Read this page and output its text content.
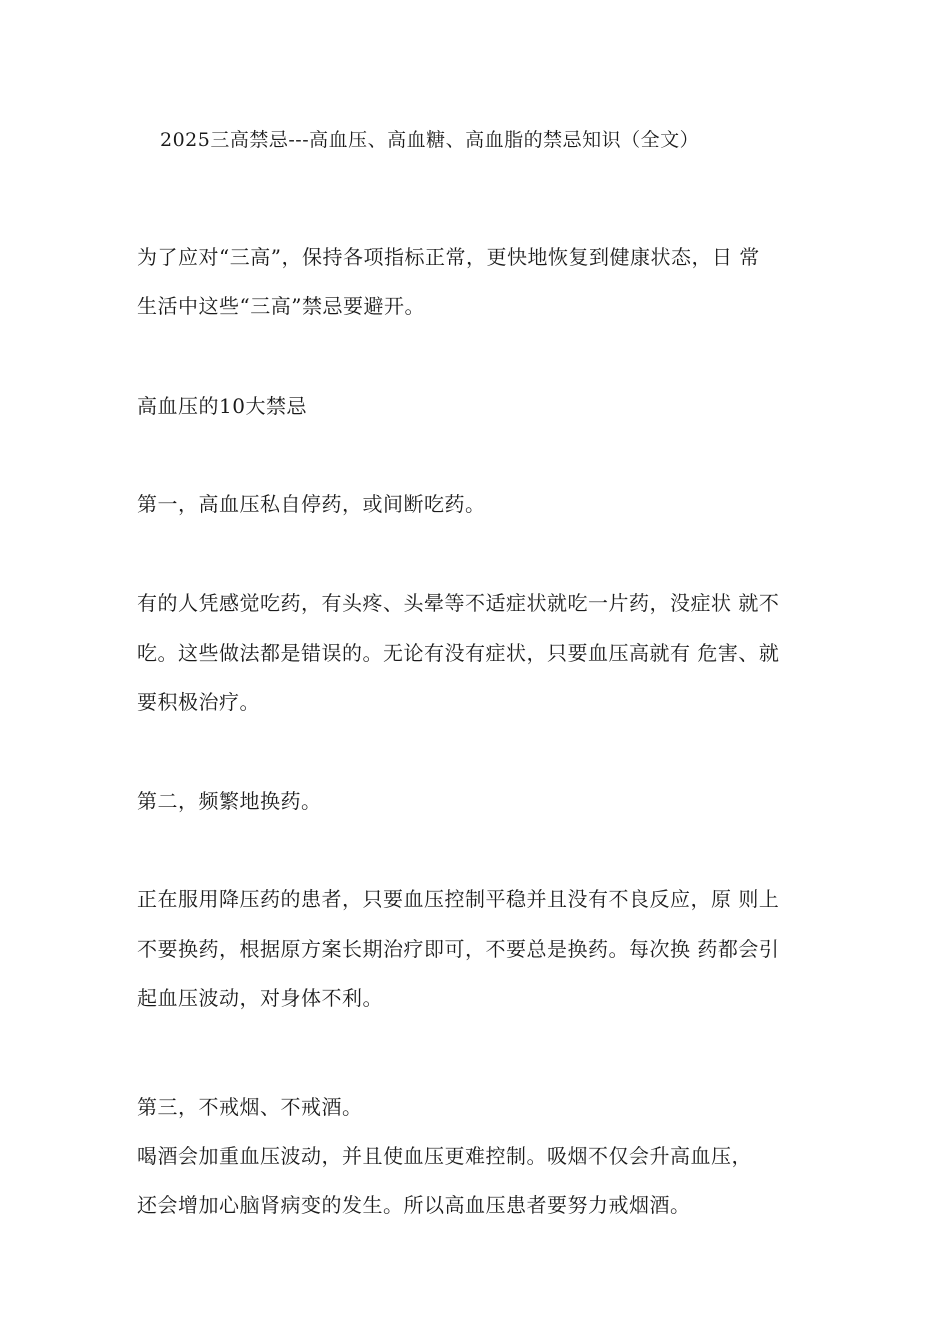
2025三高禁忌---高血压、高血糖、高血脂的禁忌知识（全文）
为了应对“三高”，保持各项指标正常，更快地恢复到健康状态，日 常
生活中这些“三高”禁忌要避开。
高血压的10大禁忌
第一，高血压私自停药，或间断吃药。
有的人凭感觉吃药，有头疼、头晕等不适症状就吃一片药，没症状 就不
吃。这些做法都是错误的。无论有没有症状，只要血压高就有 危害、就
要积极治疗。
第二，频繁地换药。
正在服用降压药的患者，只要血压控制平稳并且没有不良反应，原 则上
不要换药，根据原方案长期治疗即可，不要总是换药。每次换 药都会引
起血压波动，对身体不利。
第三，不戒烟、不戒酒。
喝酒会加重血压波动，并且使血压更难控制。吸烟不仅会升高血压，
还会增加心脑肾病变的发生。所以高血压患者要努力戒烟酒。
